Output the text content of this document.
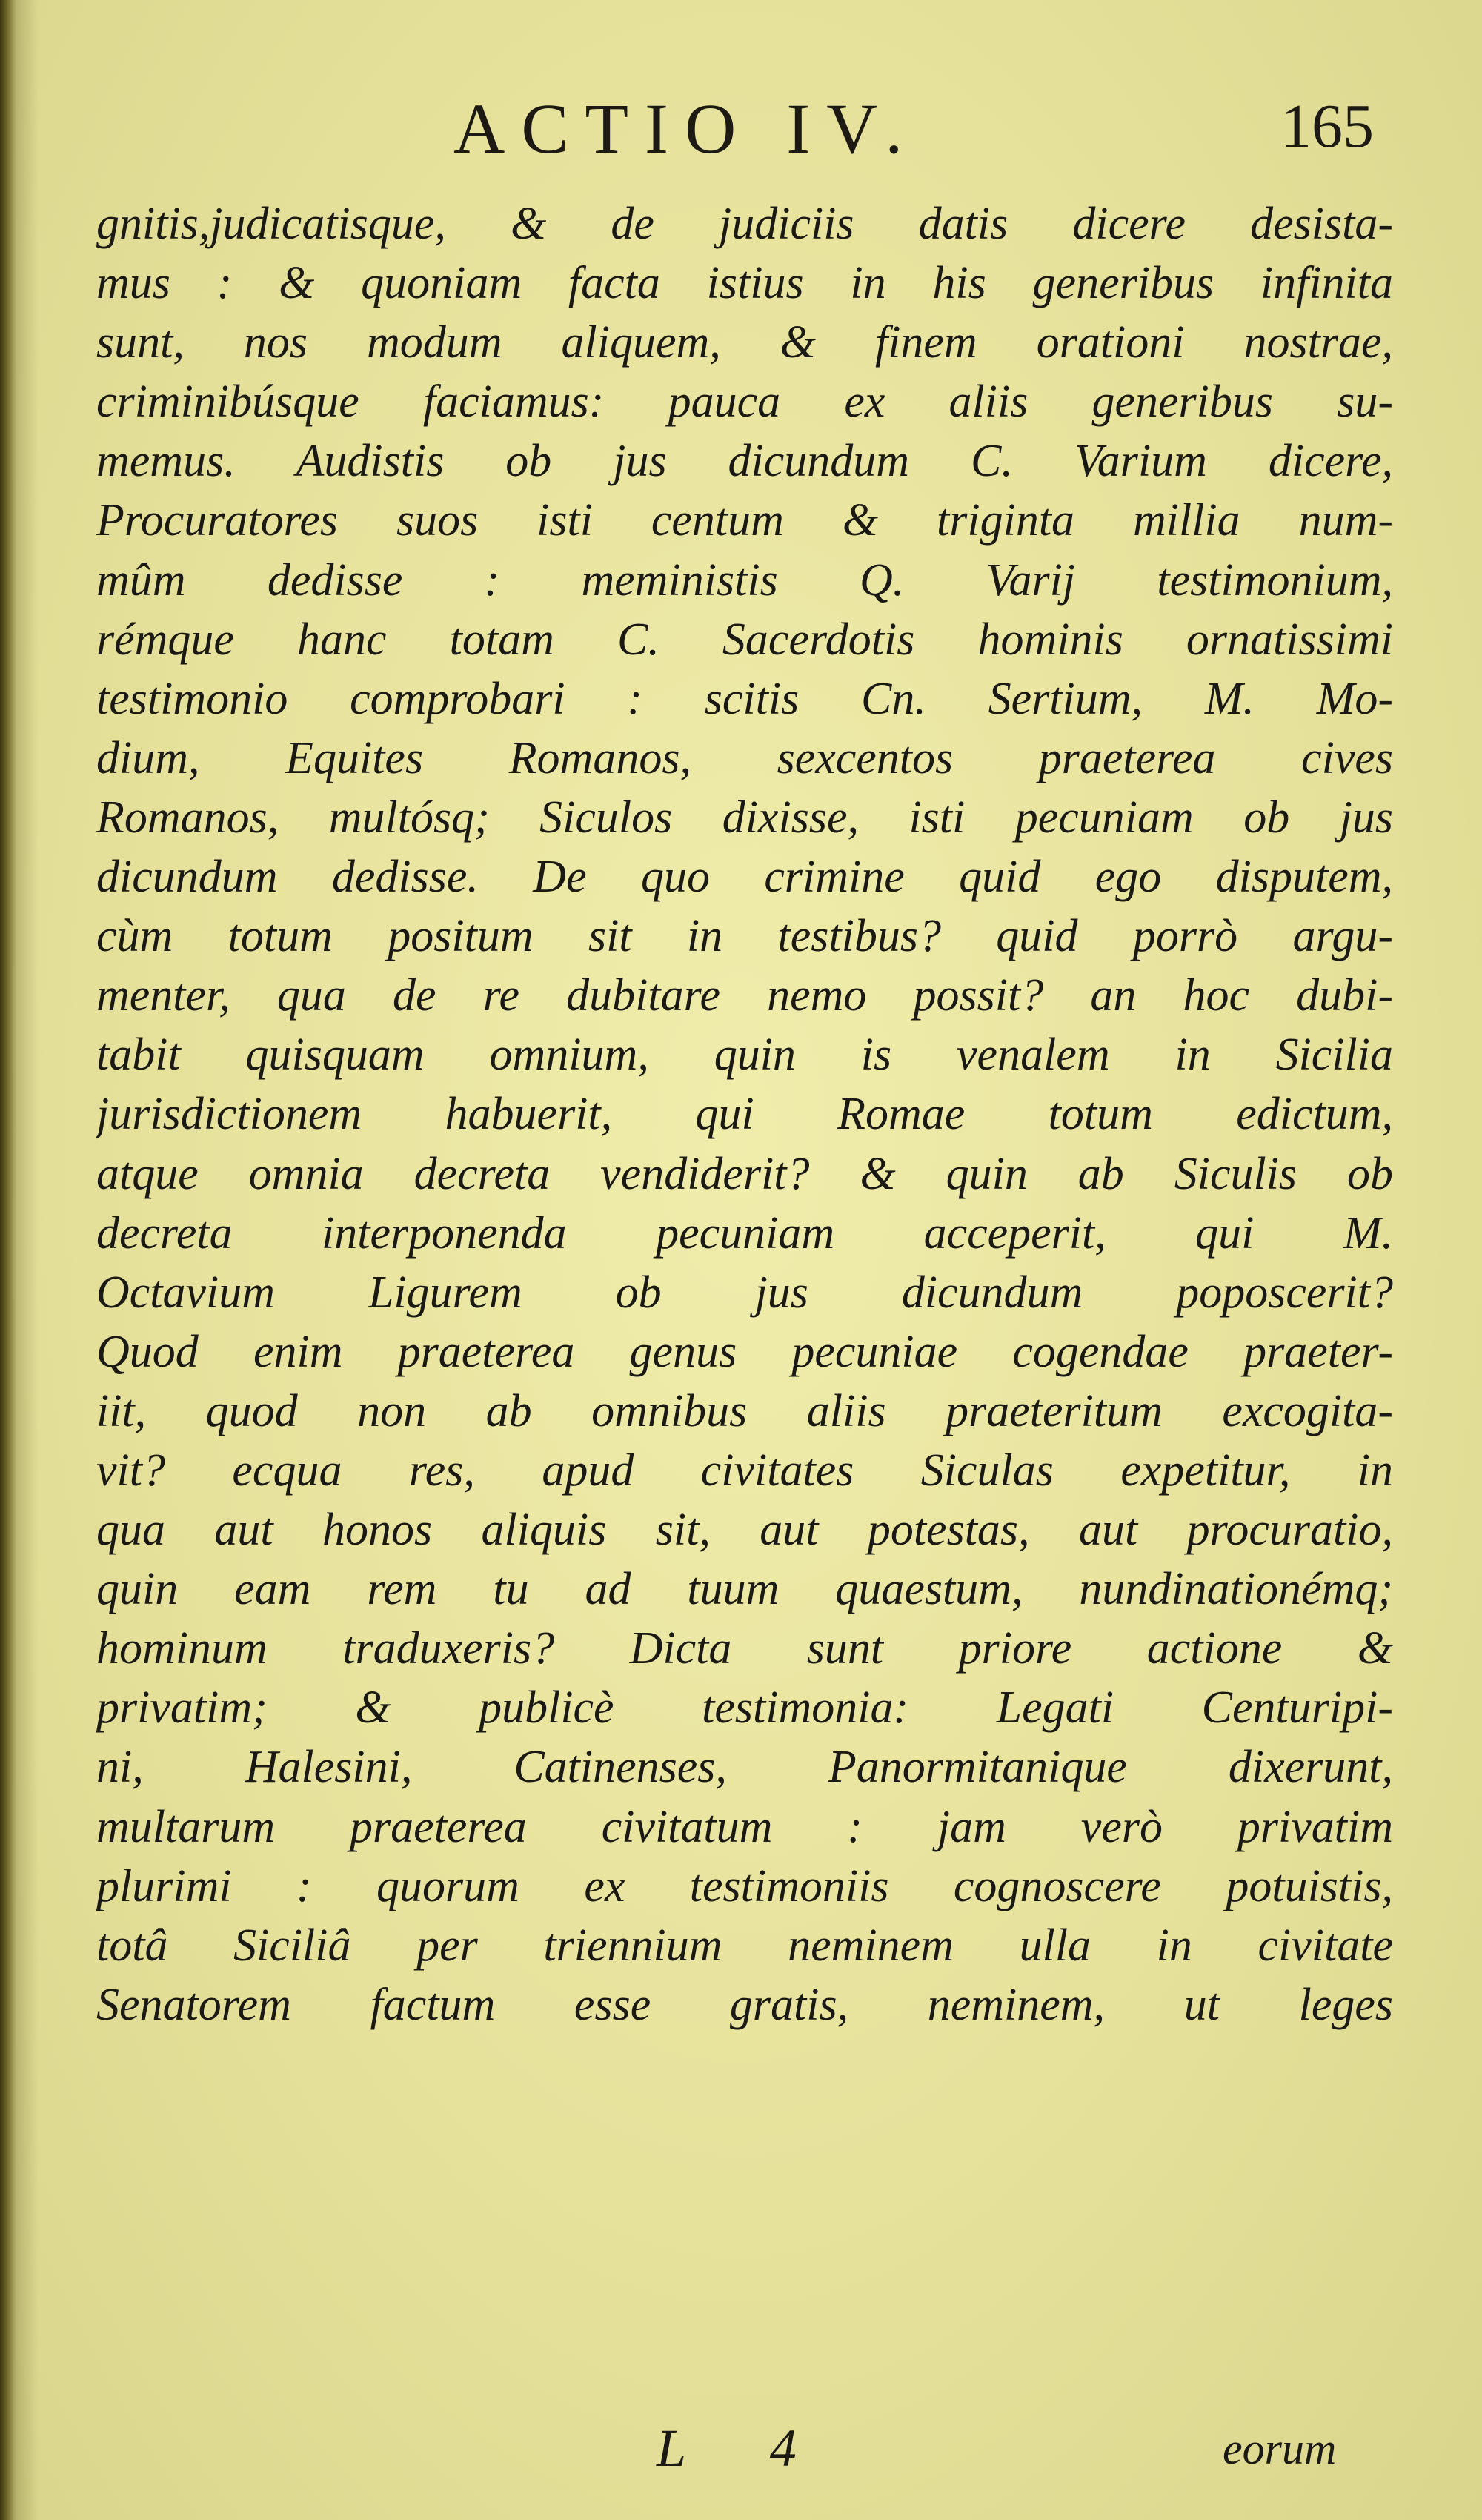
ACTIO IV.	165
gnitis,judicatisque, & de judiciis datis dicere desista-
mus : & quoniam facta istius in his generibus infinita
sunt, nos modum aliquem, & finem orationi nostrae,
criminibúsque faciamus: pauca ex aliis generibus su-
memus. Audistis ob jus dicundum C. Varium dicere,
Procuratores suos isti centum & triginta millia num-
mûm dedisse : meministis Q. Varij testimonium,
rémque hanc totam C. Sacerdotis hominis ornatissimi
testimonio comprobari : scitis Cn. Sertium, M. Mo-
dium, Equites Romanos, sexcentos praeterea cives
Romanos, multósq; Siculos dixisse, isti pecuniam ob jus
dicundum dedisse. De quo crimine quid ego disputem,
cùm totum positum sit in testibus? quid porrò argu-
menter, qua de re dubitare nemo possit? an hoc dubi-
tabit quisquam omnium, quin is venalem in Sicilia
jurisdictionem habuerit, qui Romae totum edictum,
atque omnia decreta vendiderit? & quin ab Siculis ob
decreta interponenda pecuniam acceperit, qui M.
Octavium Ligurem ob jus dicundum poposcerit?
Quod enim praeterea genus pecuniae cogendae praeter-
iit, quod non ab omnibus aliis praeteritum excogita-
vit? ecqua res, apud civitates Siculas expetitur, in
qua aut honos aliquis sit, aut potestas, aut procuratio,
quin eam rem tu ad tuum quaestum, nundinationémq;
hominum traduxeris? Dicta sunt priore actione &
privatim; & publicè testimonia: Legati Centuripi-
ni, Halesini, Catinenses, Panormitanique dixerunt,
multarum praeterea civitatum : jam verò privatim
plurimi : quorum ex testimoniis cognoscere potuistis,
totâ Siciliâ per triennium neminem ulla in civitate
Senatorem factum esse gratis, neminem, ut leges
L 4	eorum
